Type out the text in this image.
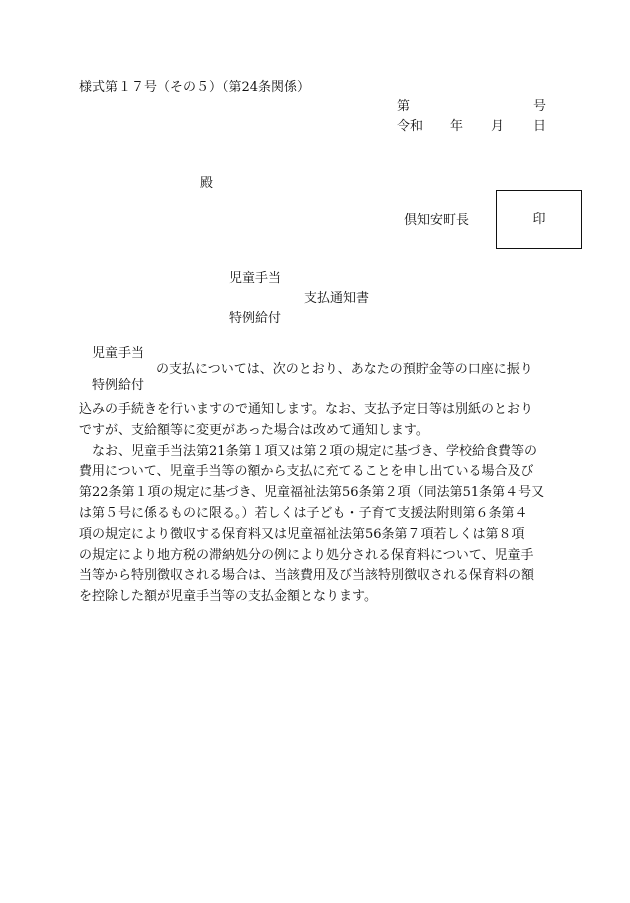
様式第１７号（その５）（第24条関係）
第	号
令和 年 月 日
殿
倶知安町長	印
児童手当
支払通知書
特例給付
児童手当
の支払については、次のとおり、あなたの預貯金等の口座に振り
特例給付
込みの手続きを行いますので通知します。なお、支払予定日等は別紙のとおり
ですが、支給額等に変更があった場合は改めて通知します。
　なお、児童手当法第21条第１項又は第２項の規定に基づき、学校給食費等の
費用について、児童手当等の額から支払に充てることを申し出ている場合及び
第22条第１項の規定に基づき、児童福祉法第56条第２項（同法第51条第４号又
は第５号に係るものに限る。）若しくは子ども・子育て支援法附則第６条第４
項の規定により徴収する保育料又は児童福祉法第56条第７項若しくは第８項
の規定により地方税の滞納処分の例により処分される保育料について、児童手
当等から特別徴収される場合は、当該費用及び当該特別徴収される保育料の額
を控除した額が児童手当等の支払金額となります。
